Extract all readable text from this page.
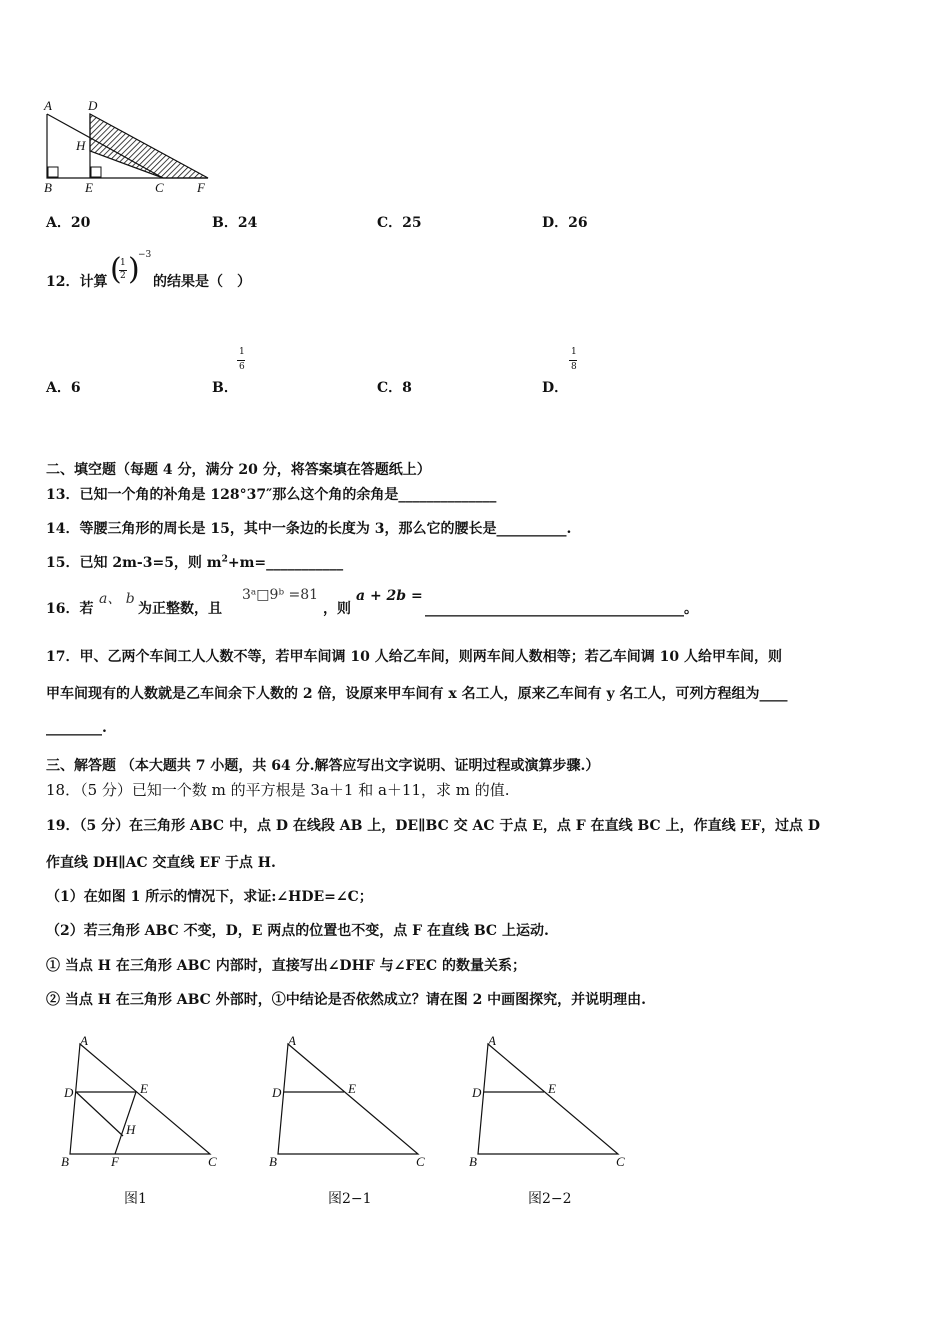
A	D
H
B	E	C	F
A．20	B．24	C．25	D．26
12．计算 (
1
2 )
−3
的结果是（　）
A．6	B．
1
6
C．8	D．
1
8
二、填空题（每题 4 分，满分 20 分，将答案填在答题纸上）
13．已知一个角的补角是 128°37″那么这个角的余角是______________
14．等腰三角形的周长是 15，其中一条边的长度为 3，那么它的腰长是__________.
15．已知 2m-3=5，则 $m^2+m=\_\_\_\_\_\_\_\_\_\_\_$
16．若
a、 b
为正整数，且
3ᵃ□9ᵇ =81
，则
a + 2b =
_____________________________________。
17．甲、乙两个车间工人人数不等，若甲车间调 10 人给乙车间，则两车间人数相等；若乙车间调 10 人给甲车间，则
甲车间现有的人数就是乙车间余下人数的 2 倍，设原来甲车间有 x 名工人，原来乙车间有 y 名工人，可列方程组为____
________.
三、解答题 （本大题共 7 小题，共 64 分.解答应写出文字说明、证明过程或演算步骤.）
18．（5 分）已知一个数 m 的平方根是 3a＋1 和 a＋11，求 m 的值.
19．（5 分）在三角形 ABC 中，点 D 在线段 AB 上，DE∥BC 交 AC 于点 E，点 F 在直线 BC 上，作直线 EF，过点 D
作直线 DH∥AC 交直线 EF 于点 H.
（1）在如图 1 所示的情况下，求证:∠HDE=∠C；
（2）若三角形 ABC 不变，D，E 两点的位置也不变，点 F 在直线 BC 上运动.
① 当点 H 在三角形 ABC 内部时，直接写出∠DHF 与∠FEC 的数量关系；
② 当点 H 在三角形 ABC 外部时，①中结论是否依然成立？请在图 2 中画图探究，并说明理由.
A
D	E
H
B	F	C
图1
A
D	E
B	C
图2−1
A
D	E
B	C
图2−2
